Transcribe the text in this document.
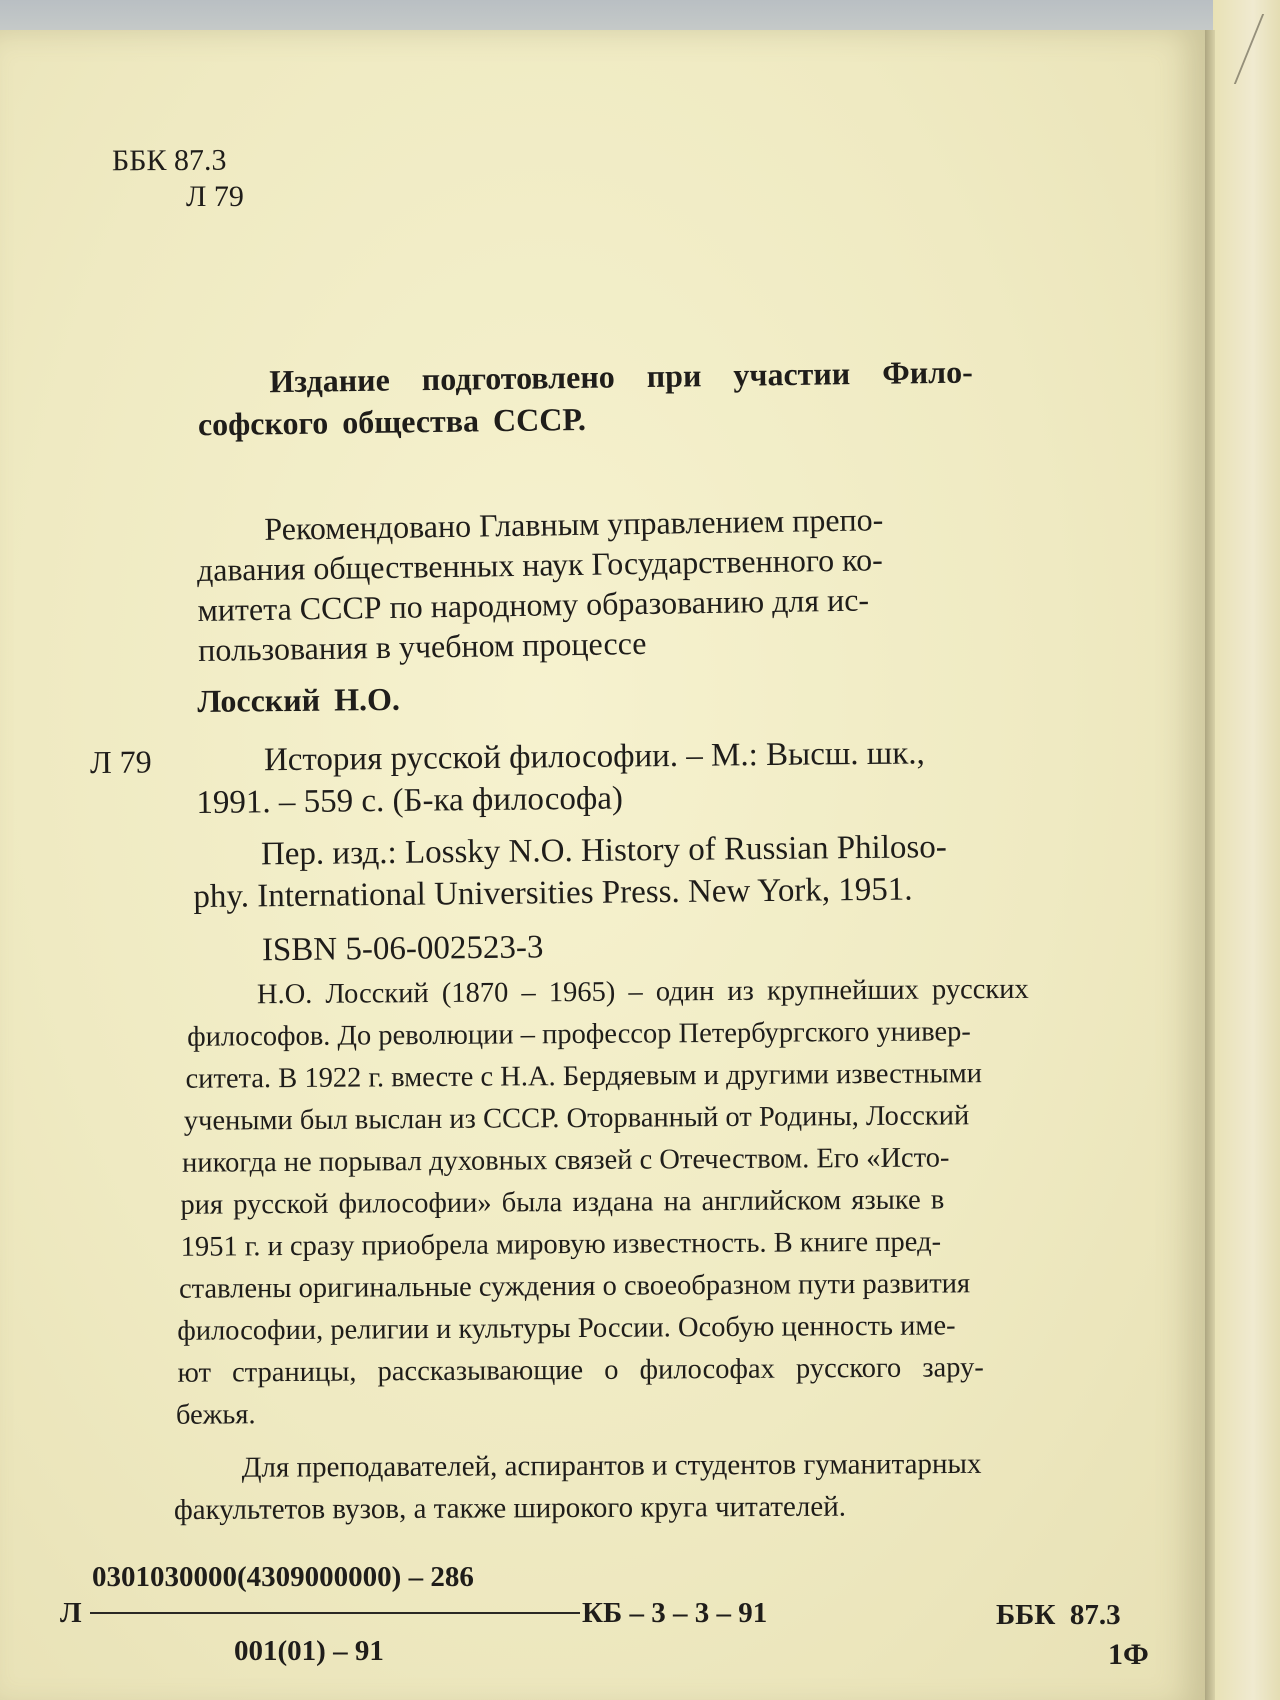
ББК 87.3
Л 79
Издание подготовлено при участии Фило-
софского общества СССР.
Рекомендовано Главным управлением препо-
давания общественных наук Государственного ко-
митета СССР по народному образованию для ис-
пользования в учебном процессе
Лосский Н.О.
Л 79	История русской философии. – М.: Высш. шк.,
1991. – 559 с. (Б-ка философа)
Пер. изд.: Lossky N.O. History of Russian Philoso-
phy. International Universities Press. New York, 1951.
ISBN 5-06-002523-3
Н.О. Лосский (1870 – 1965) – один из крупнейших русских
философов. До революции – профессор Петербургского универ-
ситета. В 1922 г. вместе с Н.А. Бердяевым и другими известными
учеными был выслан из СССР. Оторванный от Родины, Лосский
никогда не порывал духовных связей с Отечеством. Его «Исто-
рия русской философии» была издана на английском языке в
1951 г. и сразу приобрела мировую известность. В книге пред-
ставлены оригинальные суждения о своеобразном пути развития
философии, религии и культуры России. Особую ценность име-
ют страницы, рассказывающие о философах русского зару-
бежья.
Для преподавателей, аспирантов и студентов гуманитарных
факультетов вузов, а также широкого круга читателей.
0301030000(4309000000) – 286
Л	КБ – 3 – 3 – 91
001(01) – 91
ББК  87.3
1Ф
